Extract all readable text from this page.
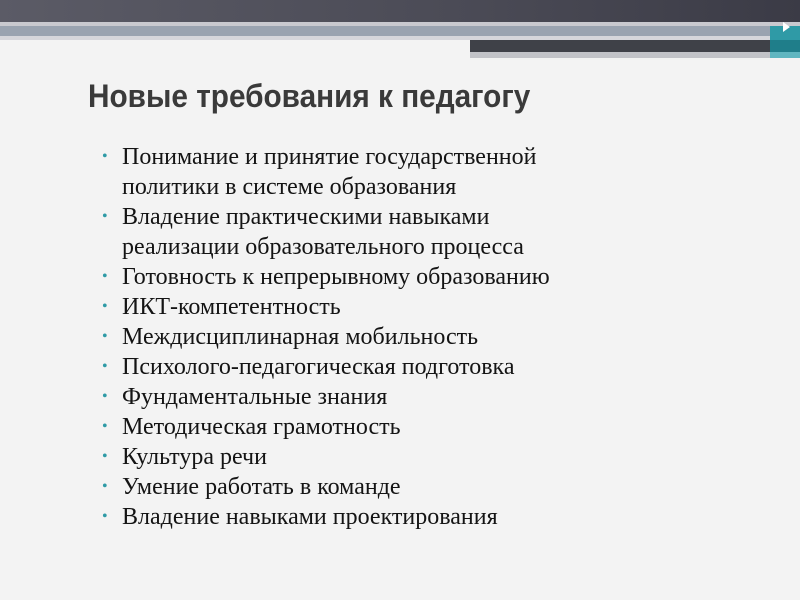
Новые требования к педагогу
• Понимание и принятие государственной
политики в системе образования
• Владение практическими навыками
реализации образовательного процесса
• Готовность к непрерывному образованию
• ИКТ-компетентность
• Междисциплинарная мобильность
• Психолого-педагогическая подготовка
• Фундаментальные знания
• Методическая грамотность
• Культура речи
• Умение работать в команде
• Владение навыками проектирования
